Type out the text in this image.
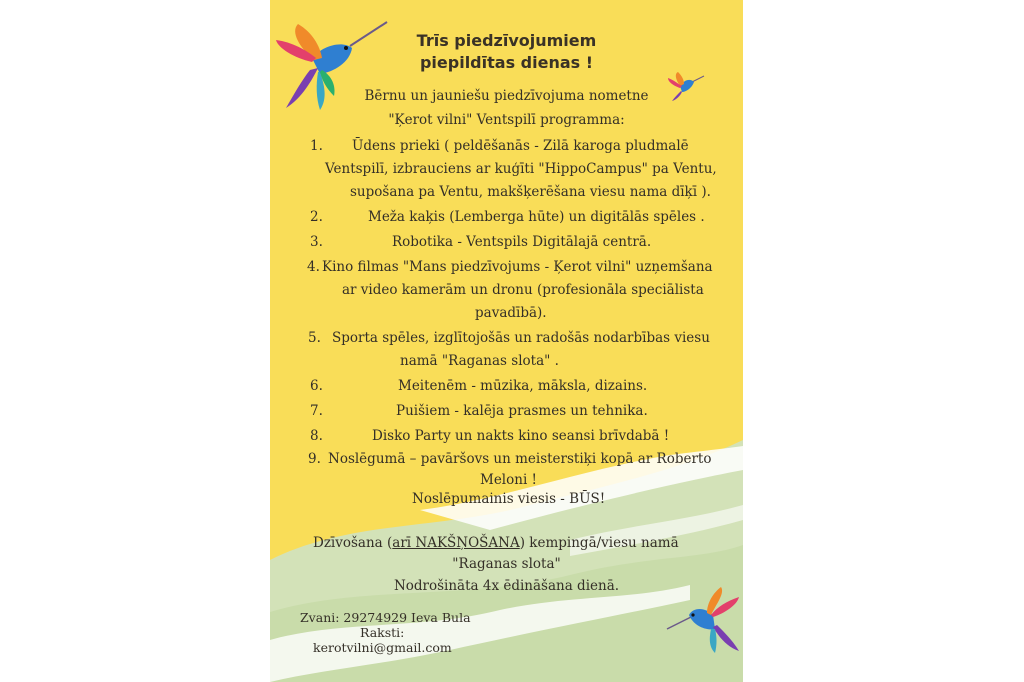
Trīs piedzīvojumiem
piepildītas dienas !
Bērnu un jauniešu piedzīvojuma nometne
"Ķerot vilni" Ventspilī programma:
1. Ūdens prieki ( peldēšanās - Zilā karoga pludmalē
Ventspilī, izbrauciens ar kuģīti "HippoCampus" pa Ventu,
supošana pa Ventu, makšķerēšana viesu nama dīķī ).
2.	Meža kaķis (Lemberga hūte) un digitālās spēles .
3.	Robotika - Ventspils Digitālajā centrā.
4. Kino filmas "Mans piedzīvojums - Ķerot vilni" uzņemšana
ar video kamerām un dronu (profesionāla speciālista
pavadībā).
5. Sporta spēles, izglītojošās un radošās nodarbības viesu
namā "Raganas slota" .
6.	Meitenēm - mūzika, māksla, dizains.
7.	Puišiem - kalēja prasmes un tehnika.
8.	Disko Party un nakts kino seansi brīvdabā !
9. Noslēgumā – pavāršovs un meisterstiķi kopā ar Roberto
Meloni !
Noslēpumainis viesis - BŪS!
Dzīvošana (arī NAKŠŅOŠANA) kempingā/viesu namā
"Raganas slota"
Nodrošināta 4x ēdināšana dienā.
Zvani: 29274929 Ieva Bula
Raksti:
kerotvilni@gmail.com
